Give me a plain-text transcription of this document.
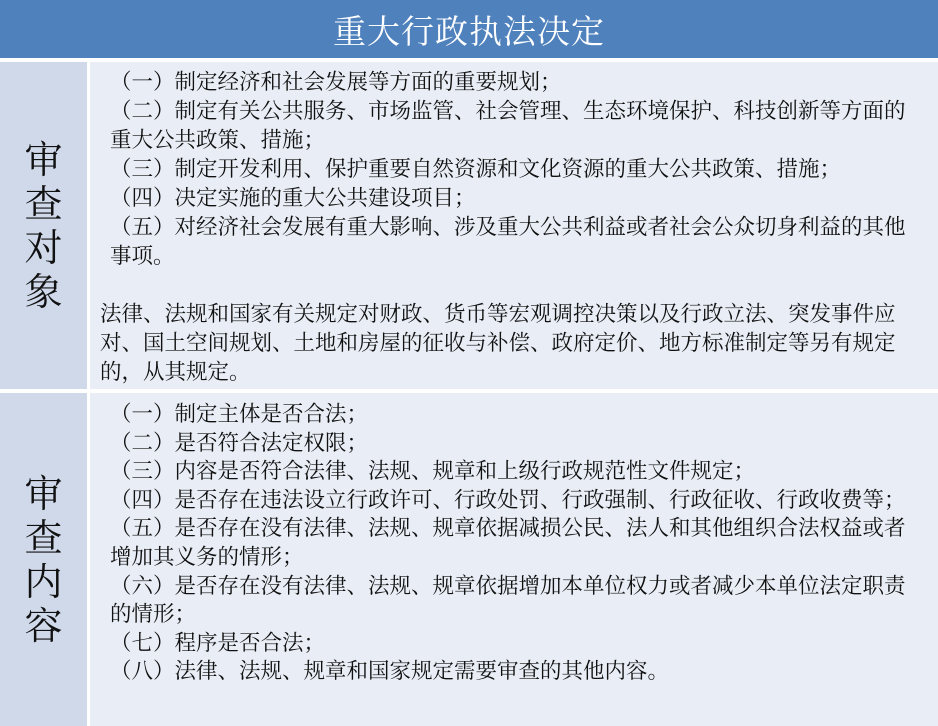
重大行政执法决定
审
查
对
象

（一）制定经济和社会发展等方面的重要规划；

（二）制定有关公共服务、市场监管、社会管理、生态环境保护、科技创新等方面的重大公共政策、措施；

（三）制定开发利用、保护重要自然资源和文化资源的重大公共政策、措施；

（四）决定实施的重大公共建设项目；

（五）对经济社会发展有重大影响、涉及重大公共利益或者社会公众切身利益的其他事项。

法律、法规和国家有关规定对财政、货币等宏观调控决策以及行政立法、突发事件应对、国土空间规划、土地和房屋的征收与补偿、政府定价、地方标准制定等另有规定的，从其规定。

审
查
内
容

（一）制定主体是否合法；

（二）是否符合法定权限；

（三）内容是否符合法律、法规、规章和上级行政规范性文件规定；

（四）是否存在违法设立行政许可、行政处罚、行政强制、行政征收、行政收费等；

（五）是否存在没有法律、法规、规章依据减损公民、法人和其他组织合法权益或者增加其义务的情形；

（六）是否存在没有法律、法规、规章依据增加本单位权力或者减少本单位法定职责的情形；

（七）程序是否合法；

（八）法律、法规、规章和国家规定需要审查的其他内容。
